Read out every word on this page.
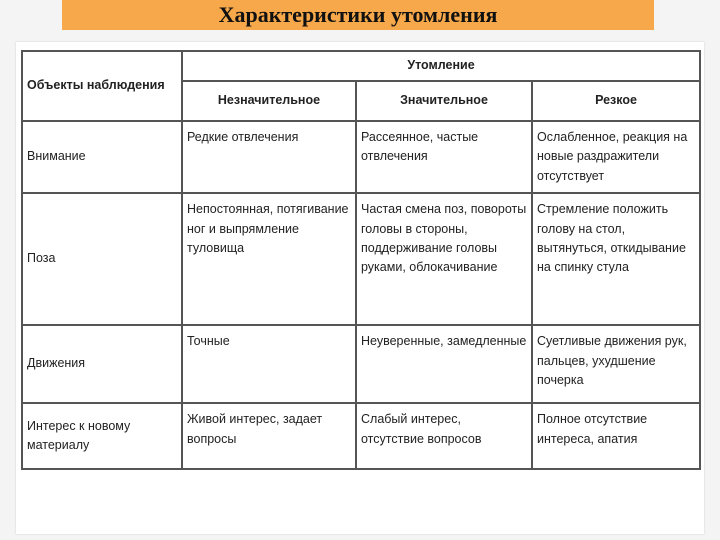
Характеристики утомления
Объекты наблюдения	Утомление		
	Незначительное	Значительное	Резкое
Внимание	Редкие отвлечения	Рассеянное, частые отвлечения	Ослабленное, реакция на новые раздражители отсутствует
Поза	Непостоянная, потягивание ног и выпрямление туловища	Частая смена поз, повороты головы в стороны, поддерживание головы руками, облокачивание	Стремление положить голову на стол, вытянуться, откидывание на спинку стула
Движения	Точные	Неуверенные, замедленные	Суетливые движения рук, пальцев, ухудшение почерка
Интерес к новому материалу	Живой интерес, задает вопросы	Слабый интерес, отсутствие вопросов	Полное отсутствие интереса, апатия
